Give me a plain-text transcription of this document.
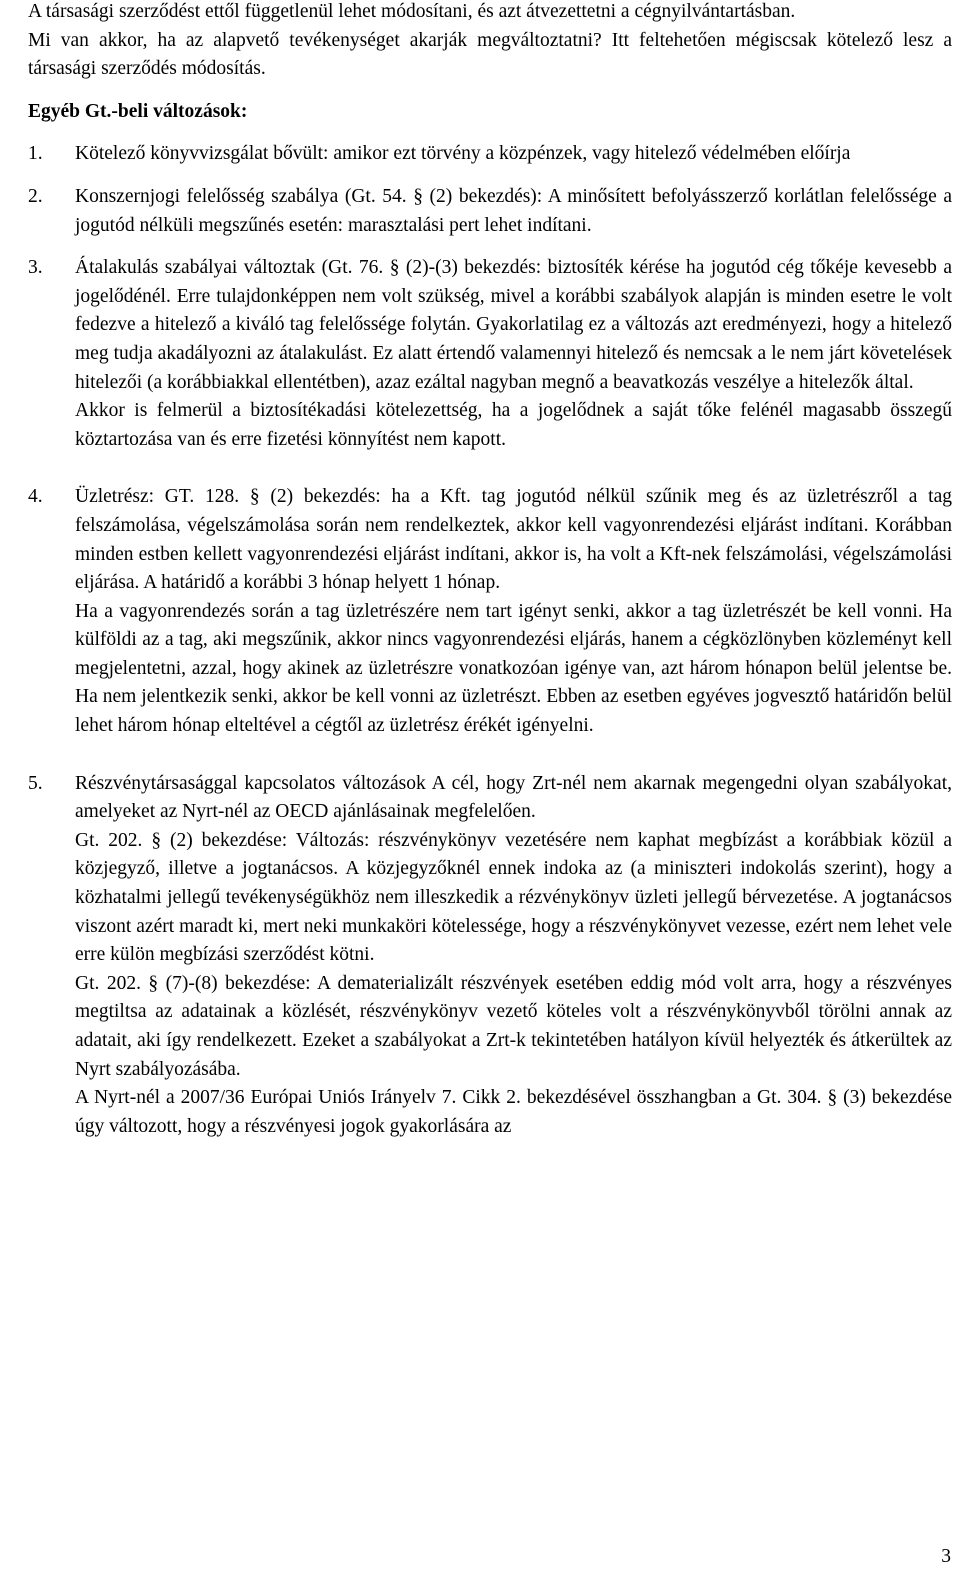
A társasági szerződést ettől függetlenül lehet módosítani, és azt átvezettetni a cégnyilvántartásban.

Mi van akkor, ha az alapvető tevékenységet akarják megváltoztatni? Itt feltehetően mégiscsak kötelező lesz a társasági szerződés módosítás.

Egyéb Gt.-beli változások:

1.	Kötelező könyvvizsgálat bővült: amikor ezt törvény a közpénzek, vagy hitelező védelmében előírja

2.	Konszernjogi felelősség szabálya (Gt. 54. § (2) bekezdés): A minősített befolyásszerző korlátlan felelőssége a jogutód nélküli megszűnés esetén: marasztalási pert lehet indítani.

3.	Átalakulás szabályai változtak (Gt. 76. § (2)-(3) bekezdés: biztosíték kérése ha jogutód cég tőkéje kevesebb a jogelődénél. Erre tulajdonképpen nem volt szükség, mivel a korábbi szabályok alapján is minden esetre le volt fedezve a hitelező a kiváló tag felelőssége folytán. Gyakorlatilag ez a változás azt eredményezi, hogy a hitelező meg tudja akadályozni az átalakulást. Ez alatt értendő valamennyi hitelező és nemcsak a le nem járt követelések hitelezői (a korábbiakkal ellentétben), azaz ezáltal nagyban megnő a beavatkozás veszélye a hitelezők által.

Akkor is felmerül a biztosítékadási kötelezettség, ha a jogelődnek a saját tőke felénél magasabb összegű köztartozása van és erre fizetési könnyítést nem kapott.

4.	Üzletrész: GT. 128. § (2) bekezdés: ha a Kft. tag jogutód nélkül szűnik meg és az üzletrészről a tag felszámolása, végelszámolása során nem rendelkeztek, akkor kell vagyonrendezési eljárást indítani. Korábban minden estben kellett vagyonrendezési eljárást indítani, akkor is, ha volt a Kft-nek felszámolási, végelszámolási eljárása. A határidő a korábbi 3 hónap helyett 1 hónap.

Ha a vagyonrendezés során a tag üzletrészére nem tart igényt senki, akkor a tag üzletrészét be kell vonni. Ha külföldi az a tag, aki megszűnik, akkor nincs vagyonrendezési eljárás, hanem a cégközlönyben közleményt kell megjelentetni, azzal, hogy akinek az üzletrészre vonatkozóan igénye van, azt három hónapon belül jelentse be. Ha nem jelentkezik senki, akkor be kell vonni az üzletrészt. Ebben az esetben egyéves jogvesztő határidőn belül lehet három hónap elteltével a cégtől az üzletrész érékét igényelni.

5.	Részvénytársasággal kapcsolatos változások A cél, hogy Zrt-nél nem akarnak megengedni olyan szabályokat, amelyeket az Nyrt-nél az OECD ajánlásainak megfelelően.

Gt. 202. § (2) bekezdése: Változás: részvénykönyv vezetésére nem kaphat megbízást a korábbiak közül a közjegyző, illetve a jogtanácsos. A közjegyzőknél ennek indoka az (a miniszteri indokolás szerint), hogy a közhatalmi jellegű tevékenységükhöz nem illeszkedik a rézvénykönyv üzleti jellegű bérvezetése. A jogtanácsos viszont azért maradt ki, mert neki munkaköri kötelessége, hogy a részvénykönyvet vezesse, ezért nem lehet vele erre külön megbízási szerződést kötni.

Gt. 202. § (7)-(8) bekezdése: A dematerializált részvények esetében eddig mód volt arra, hogy a részvényes megtiltsa az adatainak a közlését, részvénykönyv vezető köteles volt a részvénykönyvből törölni annak az adatait, aki így rendelkezett. Ezeket a szabályokat a Zrt-k tekintetében hatályon kívül helyezték és átkerültek az Nyrt szabályozásába.

A Nyrt-nél a 2007/36 Európai Uniós Irányelv 7. Cikk 2. bekezdésével összhangban a Gt. 304. § (3) bekezdése úgy változott, hogy a részvényesi jogok gyakorlására az

3
